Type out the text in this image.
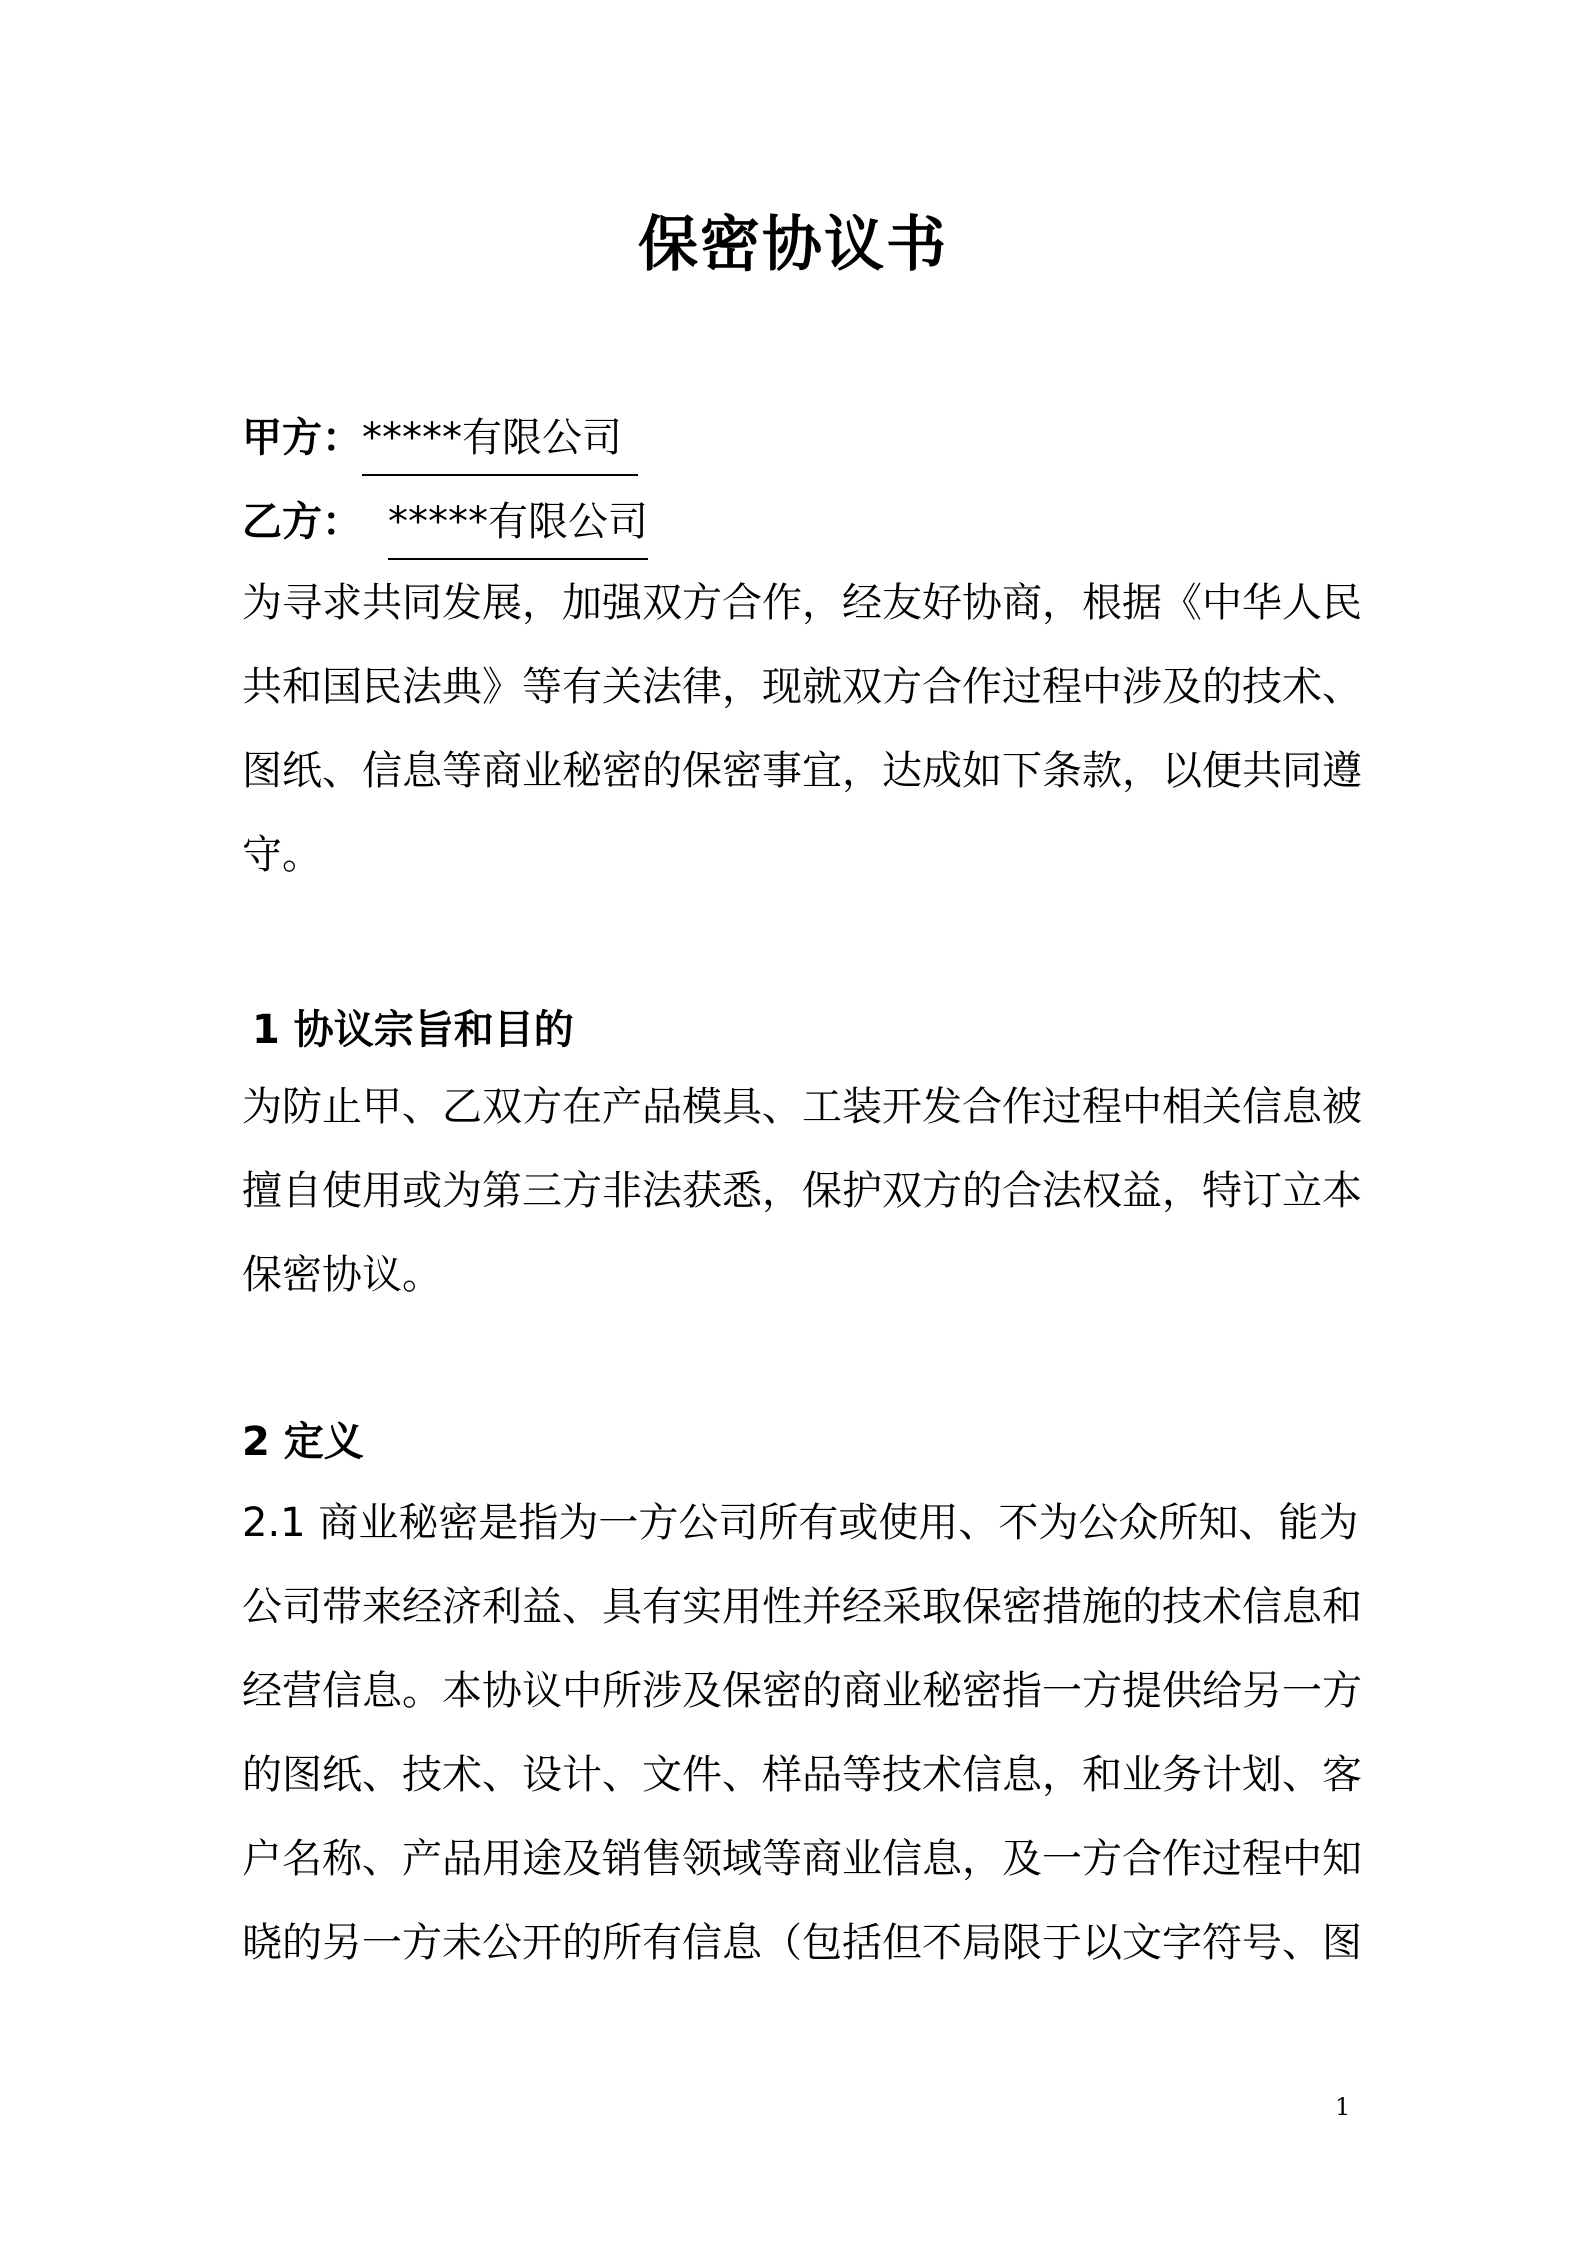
保密协议书
甲方：*****有限公司
乙方： *****有限公司
为寻求共同发展，加强双方合作，经友好协商，根据《中华人民
共和国民法典》等有关法律，现就双方合作过程中涉及的技术、
图纸、信息等商业秘密的保密事宜，达成如下条款，以便共同遵
守。
1 协议宗旨和目的
为防止甲、乙双方在产品模具、工装开发合作过程中相关信息被
擅自使用或为第三方非法获悉，保护双方的合法权益，特订立本
保密协议。
2 定义
2.1 商业秘密是指为一方公司所有或使用、不为公众所知、能为
公司带来经济利益、具有实用性并经采取保密措施的技术信息和
经营信息。本协议中所涉及保密的商业秘密指一方提供给另一方
的图纸、技术、设计、文件、样品等技术信息，和业务计划、客
户名称、产品用途及销售领域等商业信息，及一方合作过程中知
晓的另一方未公开的所有信息（包括但不局限于以文字符号、图
1
